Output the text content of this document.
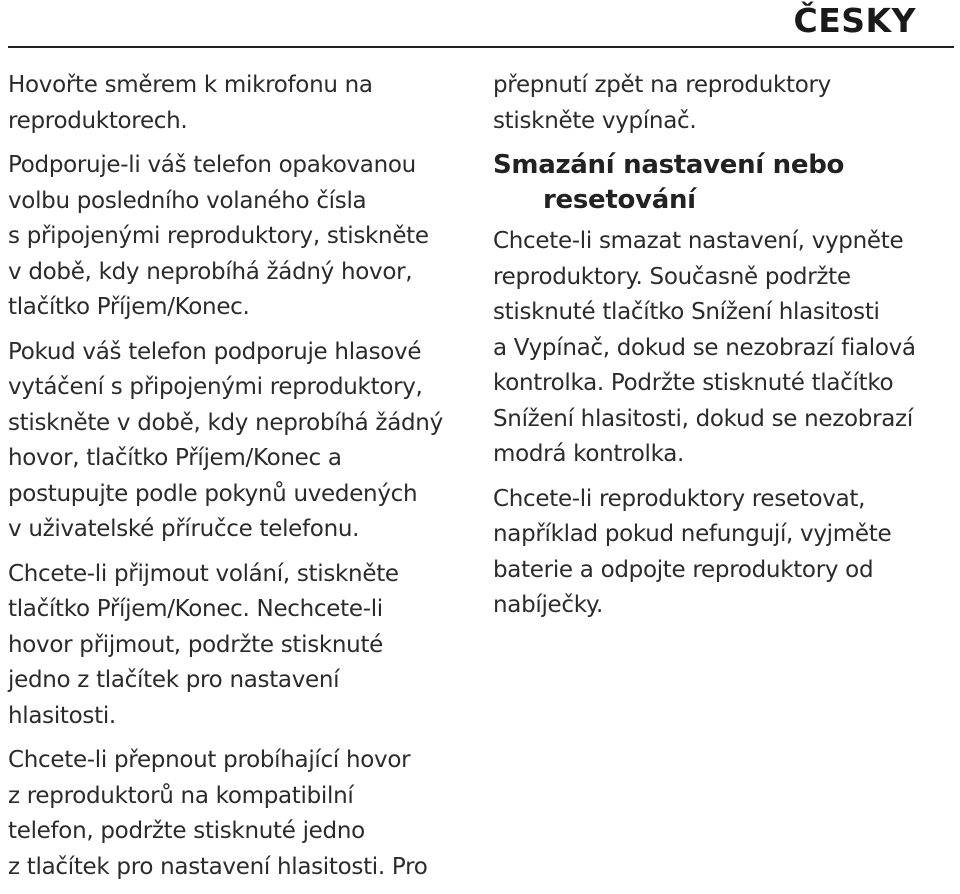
ČESKY

Hovořte směrem k mikrofonu na
reproduktorech.

Podporuje-li váš telefon opakovanou
volbu posledního volaného čísla
s připojenými reproduktory, stiskněte
v době, kdy neprobíhá žádný hovor,
tlačítko Příjem/Konec.

Pokud váš telefon podporuje hlasové
vytáčení s připojenými reproduktory,
stiskněte v době, kdy neprobíhá žádný
hovor, tlačítko Příjem/Konec a
postupujte podle pokynů uvedených
v uživatelské příručce telefonu.

Chcete-li přijmout volání, stiskněte
tlačítko Příjem/Konec. Nechcete-li
hovor přijmout, podržte stisknuté
jedno z tlačítek pro nastavení
hlasitosti.

Chcete-li přepnout probíhající hovor
z reproduktorů na kompatibilní
telefon, podržte stisknuté jedno
z tlačítek pro nastavení hlasitosti. Pro

přepnutí zpět na reproduktory
stiskněte vypínač.

Smazání nastavení nebo
resetování

Chcete-li smazat nastavení, vypněte
reproduktory. Současně podržte
stisknuté tlačítko Snížení hlasitosti
a Vypínač, dokud se nezobrazí fialová
kontrolka. Podržte stisknuté tlačítko
Snížení hlasitosti, dokud se nezobrazí
modrá kontrolka.

Chcete-li reproduktory resetovat,
například pokud nefungují, vyjměte
baterie a odpojte reproduktory od
nabíječky.
